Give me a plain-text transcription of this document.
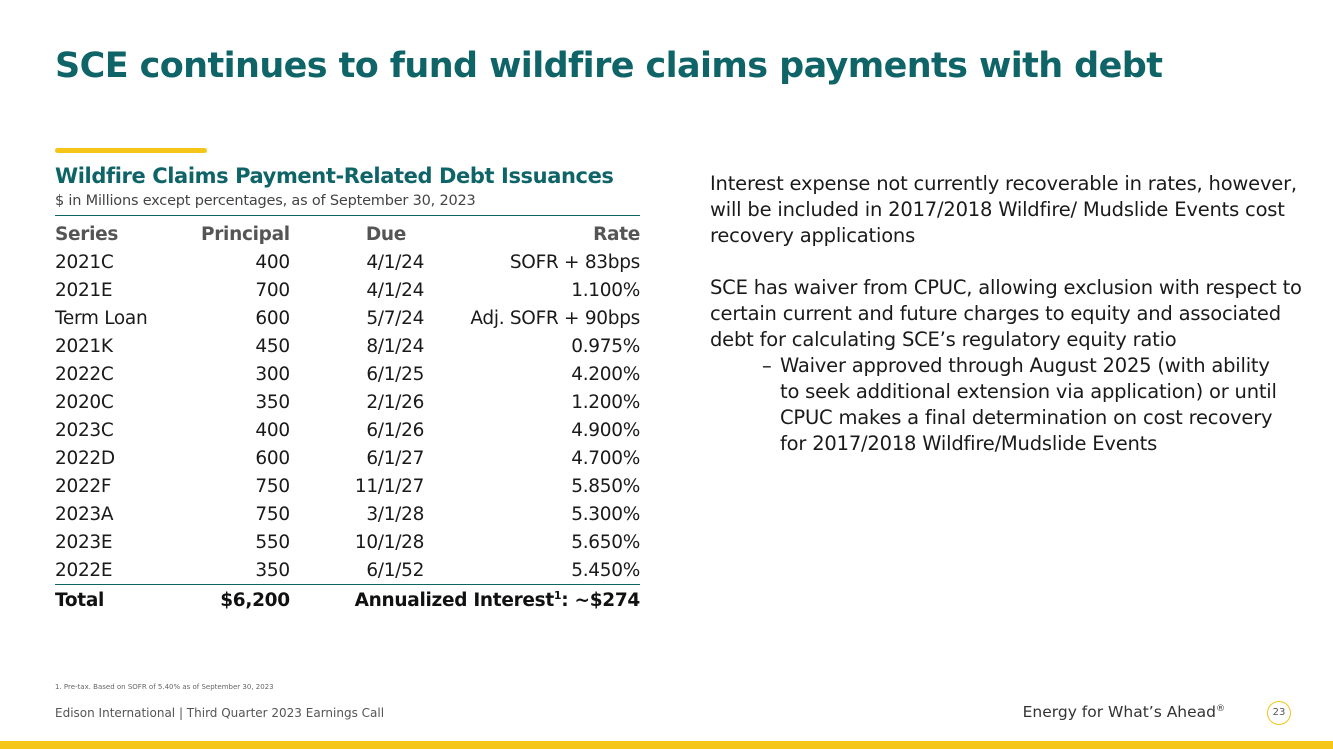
SCE continues to fund wildfire claims payments with debt
Wildfire Claims Payment-Related Debt Issuances
$ in Millions except percentages, as of September 30, 2023
Series	Principal	Due	Rate
2021C	400	4/1/24	SOFR + 83bps
2021E	700	4/1/24	1.100%
Term Loan	600	5/7/24	Adj. SOFR + 90bps
2021K	450	8/1/24	0.975%
2022C	300	6/1/25	4.200%
2020C	350	2/1/26	1.200%
2023C	400	6/1/26	4.900%
2022D	600	6/1/27	4.700%
2022F	750	11/1/27	5.850%
2023A	750	3/1/28	5.300%
2023E	550	10/1/28	5.650%
2022E	350	6/1/52	5.450%
Total	$6,200	Annualized Interest$^1$: ~$274	
1. Pre-tax. Based on SOFR of 5.40% as of September 30, 2023

Interest expense not currently recoverable in rates, however, will be included in 2017/2018 Wildfire/ Mudslide Events cost recovery applications

SCE has waiver from CPUC, allowing exclusion with respect to certain current and future charges to equity and associated debt for calculating SCE’s regulatory equity ratio

– Waiver approved through August 2025 (with ability to seek additional extension via application) or until CPUC makes a final determination on cost recovery for 2017/2018 Wildfire/Mudslide Events
Edison International | Third Quarter 2023 Earnings Call	Energy for What’s Ahead®	23
